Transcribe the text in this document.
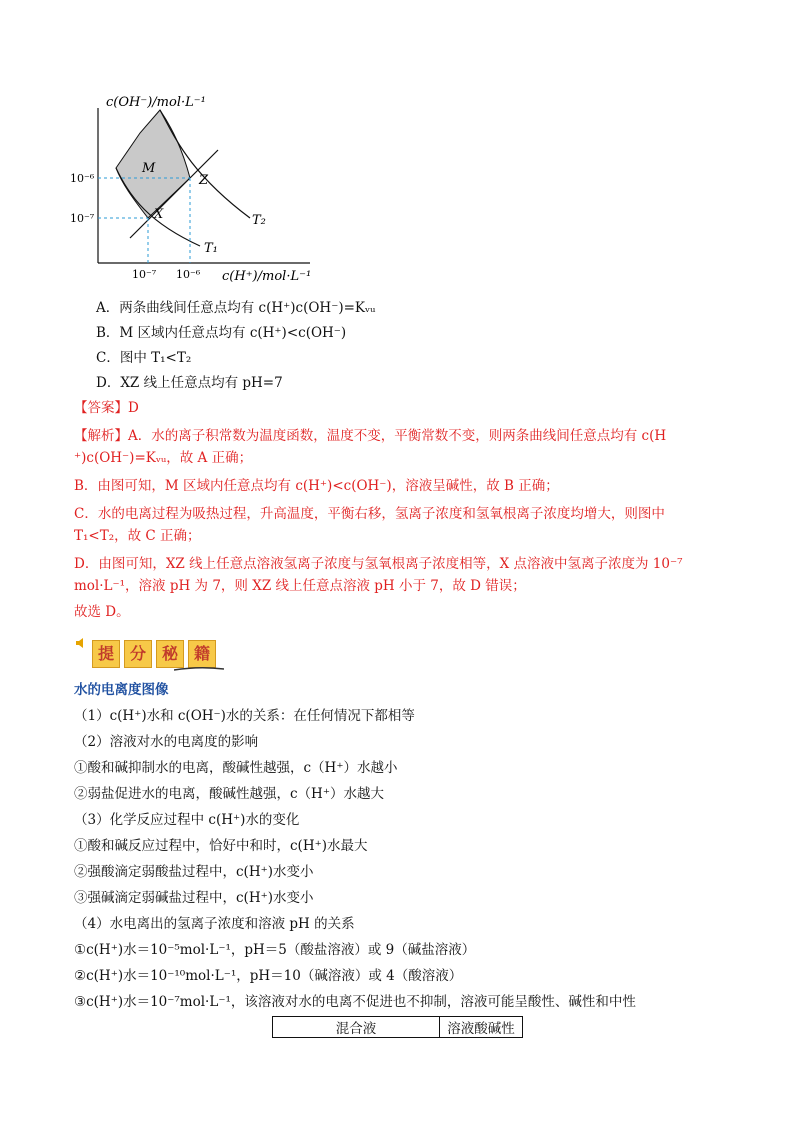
c(OH⁻)/mol·L⁻¹
c(H⁺)/mol·L⁻¹
10⁻⁶
10⁻⁷
10⁻⁷ 10⁻⁶
M
Z
X
T₁
T₂
A．两条曲线间任意点均有 c(H⁺)c(OH⁻)=Kᵥᵤ
B．M 区域内任意点均有 c(H⁺)<c(OH⁻)
C．图中 T₁<T₂
D．XZ 线上任意点均有 pH=7
【答案】D
【解析】A．水的离子积常数为温度函数，温度不变，平衡常数不变，则两条曲线间任意点均有 c(H
⁺)c(OH⁻)=Kᵥᵤ，故 A 正确；
B．由图可知，M 区域内任意点均有 c(H⁺)<c(OH⁻)，溶液呈碱性，故 B 正确；
C．水的电离过程为吸热过程，升高温度，平衡右移，氢离子浓度和氢氧根离子浓度均增大，则图中
T₁<T₂，故 C 正确；
D．由图可知，XZ 线上任意点溶液氢离子浓度与氢氧根离子浓度相等，X 点溶液中氢离子浓度为 10⁻⁷
mol·L⁻¹，溶液 pH 为 7，则 XZ 线上任意点溶液 pH 小于 7，故 D 错误；
故选 D。
提 分 秘 籍
水的电离度图像
（1）c(H⁺)水和 c(OH⁻)水的关系：在任何情况下都相等
（2）溶液对水的电离度的影响
①酸和碱抑制水的电离，酸碱性越强，c（H⁺）水越小
②弱盐促进水的电离，酸碱性越强，c（H⁺）水越大
（3）化学反应过程中 c(H⁺)水的变化
①酸和碱反应过程中，恰好中和时，c(H⁺)水最大
②强酸滴定弱酸盐过程中，c(H⁺)水变小
③强碱滴定弱碱盐过程中，c(H⁺)水变小
（4）水电离出的氢离子浓度和溶液 pH 的关系
①c(H⁺)水＝10⁻⁵mol·L⁻¹，pH＝5（酸盐溶液）或 9（碱盐溶液）
②c(H⁺)水＝10⁻¹⁰mol·L⁻¹，pH＝10（碱溶液）或 4（酸溶液）
③c(H⁺)水＝10⁻⁷mol·L⁻¹，该溶液对水的电离不促进也不抑制，溶液可能呈酸性、碱性和中性
混合液	溶液酸碱性
